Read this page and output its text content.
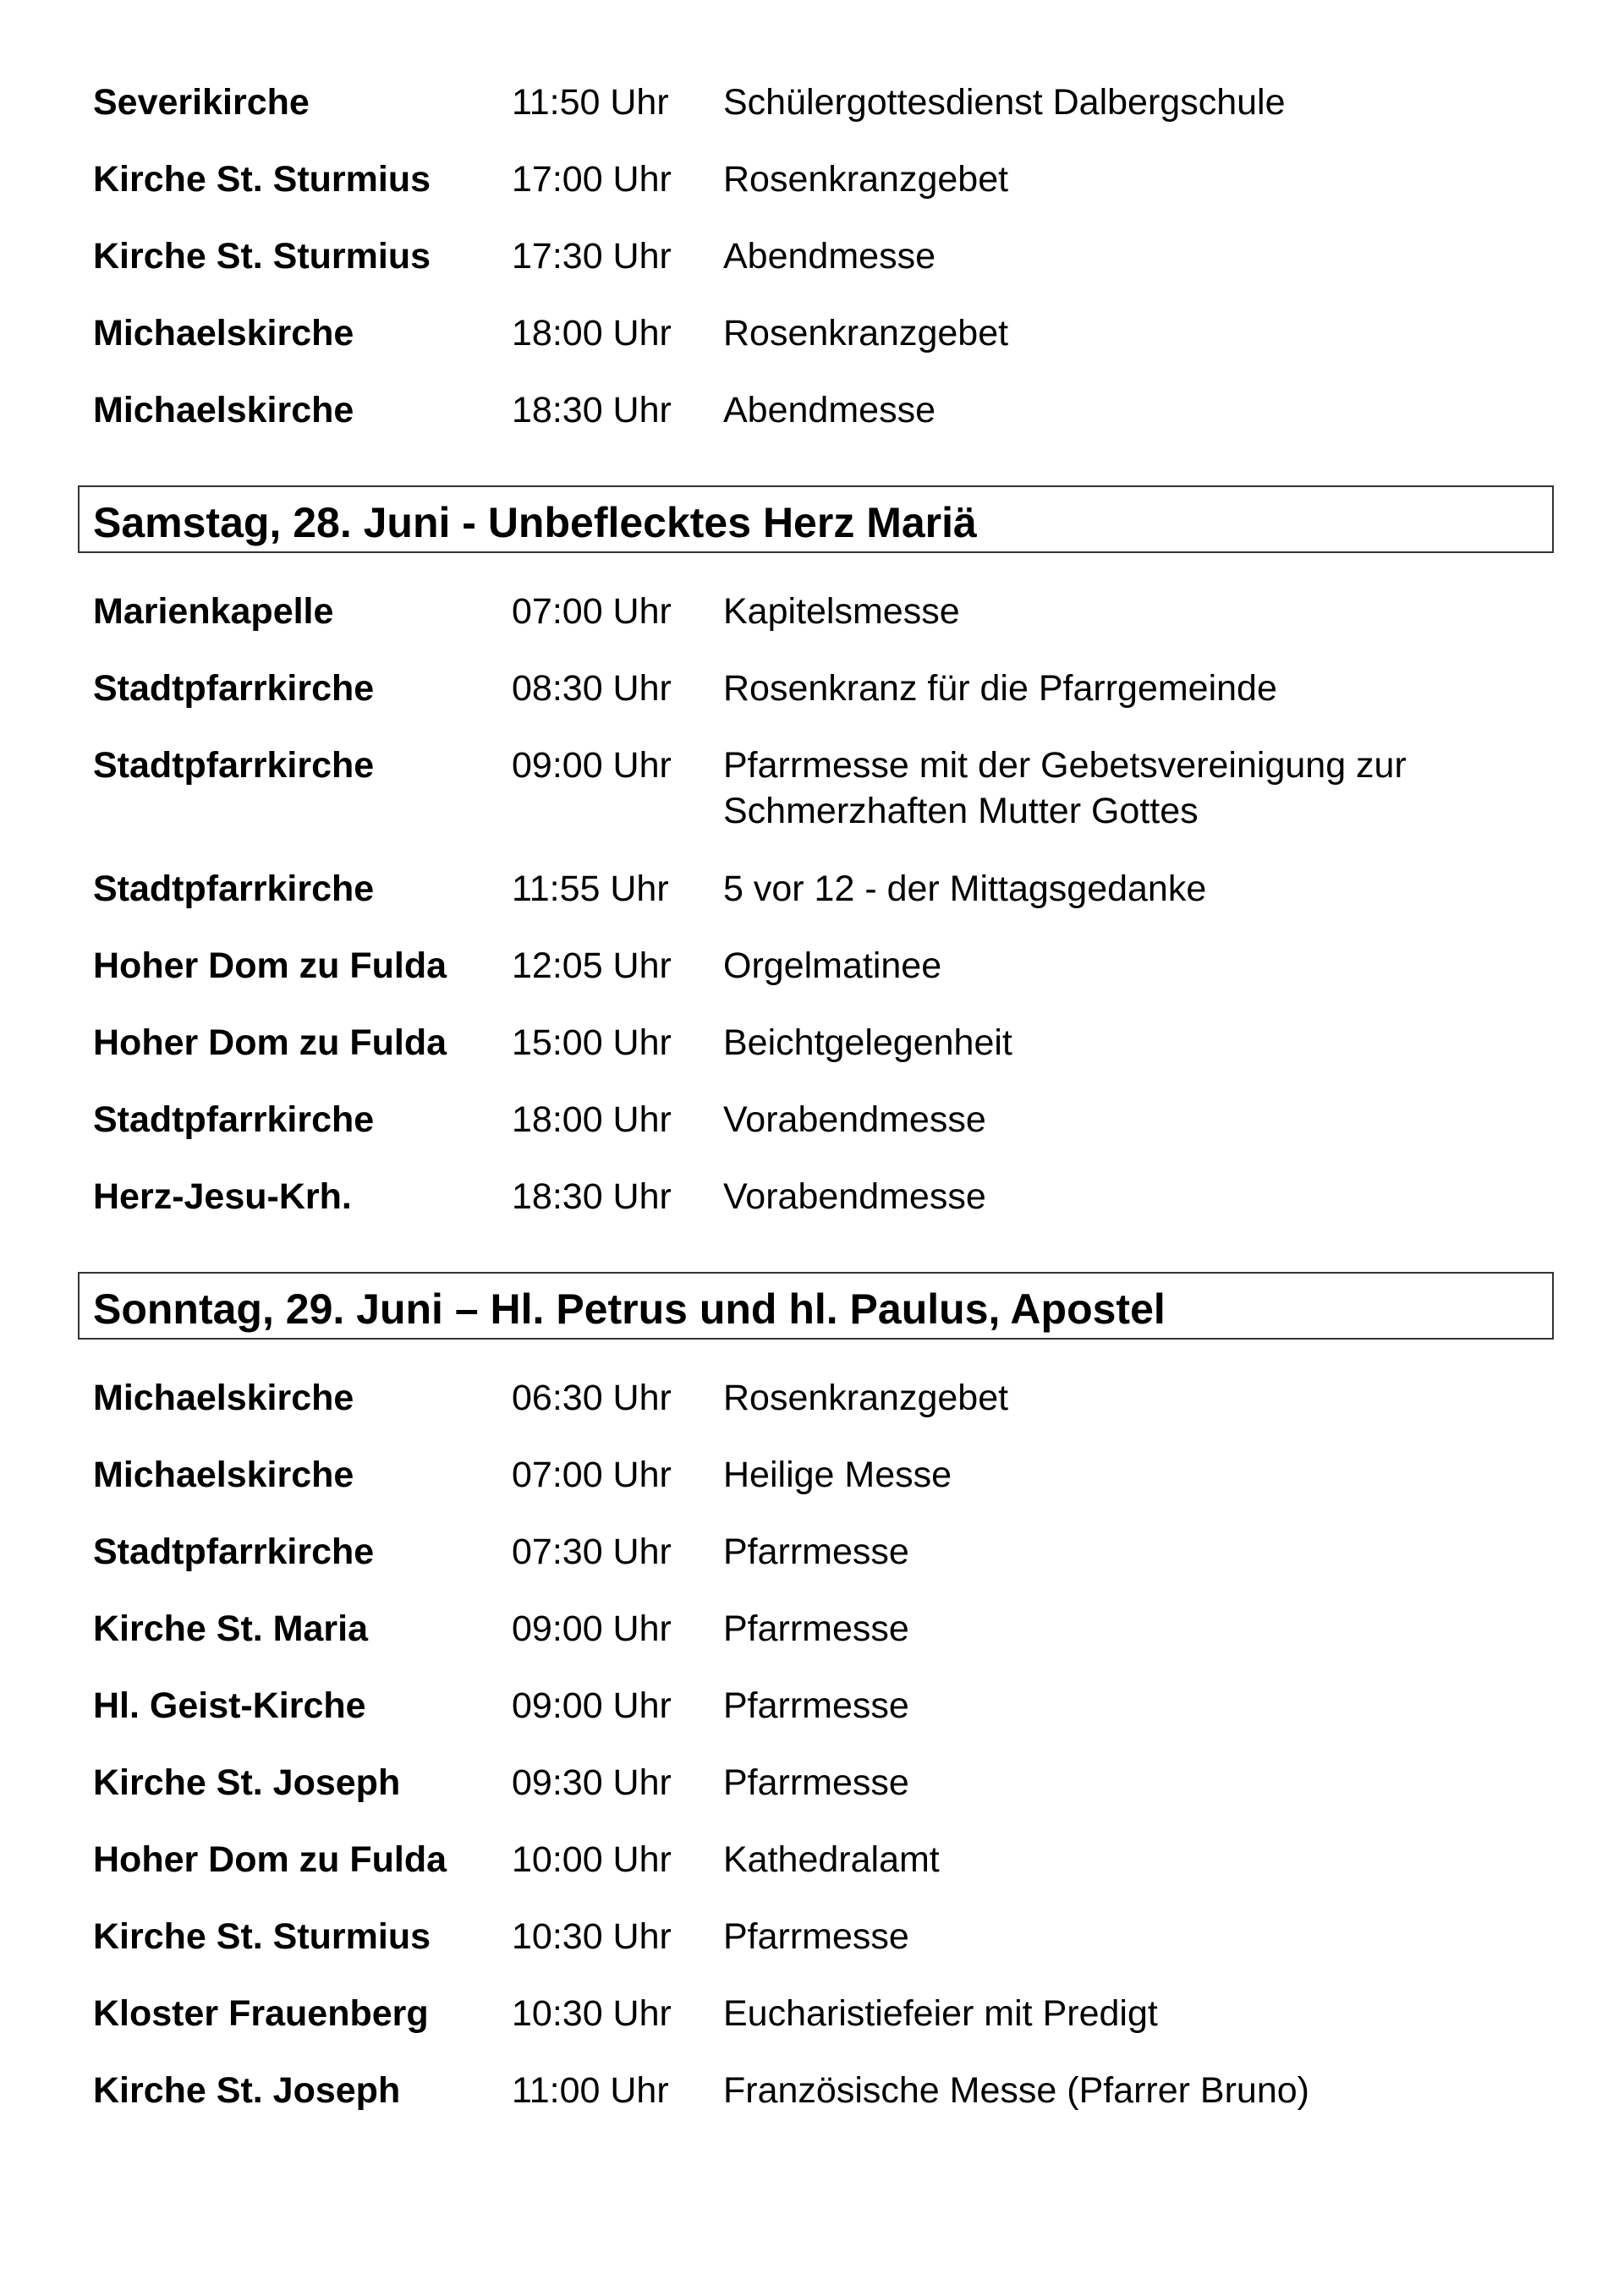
Severikirche	11:50 Uhr Schülergottesdienst Dalbergschule
Kirche St. Sturmius 17:00 Uhr Rosenkranzgebet
Kirche St. Sturmius 17:30 Uhr Abendmesse
Michaelskirche	18:00 Uhr Rosenkranzgebet
Michaelskirche	18:30 Uhr Abendmesse
Samstag, 28. Juni - Unbeflecktes Herz Mariä
Marienkapelle	07:00 Uhr Kapitelsmesse
Stadtpfarrkirche	08:30 Uhr Rosenkranz für die Pfarrgemeinde
Stadtpfarrkirche	09:00 Uhr Pfarrmesse mit der Gebetsvereinigung zur Schmerzhaften Mutter Gottes
Stadtpfarrkirche	11:55 Uhr 5 vor 12 - der Mittagsgedanke
Hoher Dom zu Fulda 12:05 Uhr Orgelmatinee
Hoher Dom zu Fulda 15:00 Uhr Beichtgelegenheit
Stadtpfarrkirche	18:00 Uhr Vorabendmesse
Herz-Jesu-Krh.	18:30 Uhr Vorabendmesse
Sonntag, 29. Juni – Hl. Petrus und hl. Paulus, Apostel
Michaelskirche	06:30 Uhr Rosenkranzgebet
Michaelskirche	07:00 Uhr Heilige Messe
Stadtpfarrkirche	07:30 Uhr Pfarrmesse
Kirche St. Maria	09:00 Uhr Pfarrmesse
Hl. Geist-Kirche	09:00 Uhr Pfarrmesse
Kirche St. Joseph	09:30 Uhr Pfarrmesse
Hoher Dom zu Fulda 10:00 Uhr Kathedralamt
Kirche St. Sturmius 10:30 Uhr Pfarrmesse
Kloster Frauenberg 10:30 Uhr Eucharistiefeier mit Predigt
Kirche St. Joseph	11:00 Uhr Französische Messe (Pfarrer Bruno)
